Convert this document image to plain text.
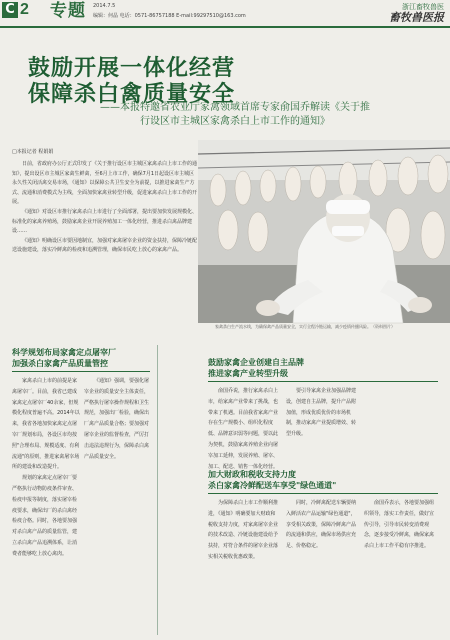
C 2 专题 2014.7.5
编辑：何晶 电话：0571-86757188 E-mail:99297510@163.com
浙江畜牧兽医
畜牧兽医报
鼓励开展一体化经营
保障杀白禽质量安全
——本报特邀省农业厅家禽领域首席专家俞国乔解读《关于推
行设区市主城区家禽杀白上市工作的通知》
□本报记者 程娟娟

日前，省政府办公厅正式印发了《关于推行设区市主城区家禽杀白上市工作的通知》，提出设区市主城区家禽生鲜禽，至6月上市工作，确保7月1日起设区市主城区永久性关闭活禽交易市场，《通知》以保障公共卫生安全为前提，以推进家禽生产方式、流通和消费模式为主线，全面加快家禽业转型升级，促进家禽杀白上市工作的开展。

《通知》对设区市推行家禽杀白上市进行了全面部署，提出要加快发展规模化、标准化的家禽养殖场，鼓励家禽企业开展养殖加工一体化经营，推进杀白禽品牌建设……

《通知》明确设区市要因地制宜，加强对家禽屠宰企业的资金扶持，保障冷链配送设施建设，落实冷鲜禽的检疫和追溯管理，确保市民吃上放心的家禽产品。

家禽杀白生产流水线，为确保禽产品质量安全，实行全程冷链运输，减少疫情传播风险。（资料图片）
科学规划布局家禽定点屠宰厂
加强杀白家禽产品质量管控

家禽杀白上市的前提是家禽屠宰厂。目前，我省已建成家禽定点屠宰厂40余家，但规模化程度普遍不高。2014年以来，我省各地加快家禽定点屠宰厂规划布局，各设区市均按照"合理布局、规模适度、有利流通"的原则，推进家禽屠宰场所的建设和改造提升。

规划的家禽定点屠宰厂要严格执行动物防疫条件审查、检疫申报等制度，落实屠宰检疫要求，确保出厂的杀白禽经检疫合格。同时，各地要加强对杀白禽产品的质量监管，建立杀白禽产品追溯体系，让消费者能够吃上放心禽肉。

《通知》强调，要强化屠宰企业的质量安全主体责任，严格执行屠宰操作规程和卫生规范，加强出厂检验，确保出厂禽产品质量合格；要加强对屠宰企业的监督检查，严厉打击违法违规行为，保障杀白禽产品质量安全。

鼓励家禽企业创建自主品牌
推进家禽产业转型升级

俞国乔说，推行家禽杀白上市，给家禽产业带来了挑战，也带来了机遇。目前我省家禽产业存在生产规模小、组织化程度低、品牌意识弱等问题，要以此为契机，鼓励家禽养殖企业向屠宰加工延伸，发展养殖、屠宰、加工、配送、销售一体化经营。

要引导家禽企业加强品牌建设，创建自主品牌，提升产品附加值，形成优质优价的市场机制，推动家禽产业提质增效、转型升级。

加大财政和税收支持力度
杀白家禽冷鲜配送车享受"绿色通道"

为保障杀白上市工作顺利推进，《通知》明确要加大财政和税收支持力度，对家禽屠宰企业的技术改造、冷链设施建设给予扶持，对符合条件的屠宰企业落实相关税收优惠政策。

同时，冷鲜禽配送车辆要纳入鲜活农产品运输"绿色通道"，享受相关政策，保障冷鲜禽产品的流通和供应，确保市场供应充足、价格稳定。

俞国乔表示，各地要加强组织领导，落实工作责任，做好宣传引导，引导市民转变消费观念，逐步接受冷鲜禽，确保家禽杀白上市工作平稳有序推进。
